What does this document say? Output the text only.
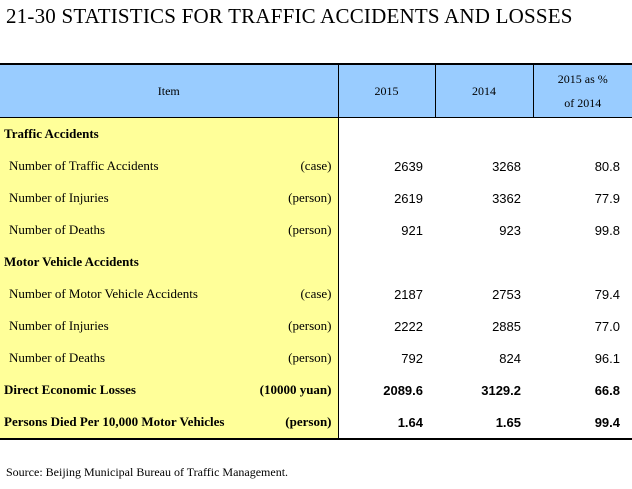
21-30 STATISTICS FOR TRAFFIC ACCIDENTS AND LOSSES
Item	2015	2014	2015 as %
of 2014

Traffic Accidents			

Number of Traffic Accidents (case)	2639	3268	80.8

Number of Injuries (person)	2619	3362	77.9

Number of Deaths (person)	921	923	99.8

Motor Vehicle Accidents			

Number of Motor Vehicle Accidents (case)	2187	2753	79.4

Number of Injuries (person)	2222	2885	77.0

Number of Deaths (person)	792	824	96.1

Direct Economic Losses (10000 yuan)	2089.6	3129.2	66.8

Persons Died Per 10,000 Motor Vehicles (person)	1.64	1.65	99.4
Source: Beijing Municipal Bureau of Traffic Management.
